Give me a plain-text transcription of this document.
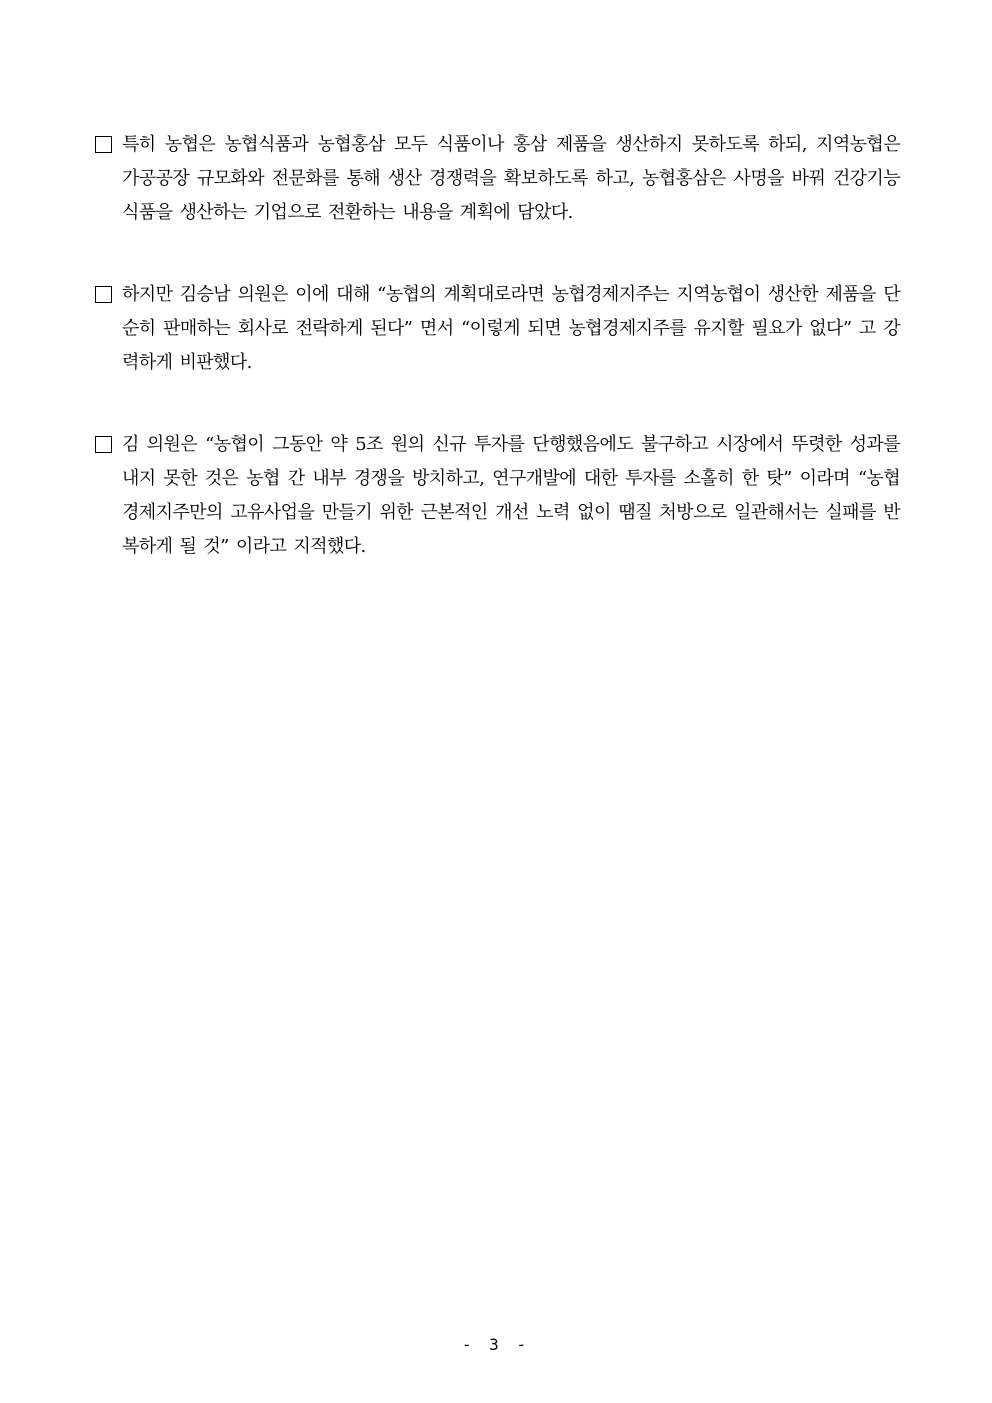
특히 농협은 농협식품과 농협홍삼 모두 식품이나 홍삼 제품을 생산하지 못하도록 하되, 지역농협은 가공공장 규모화와 전문화를 통해 생산 경쟁력을 확보하도록 하고, 농협홍삼은 사명을 바꿔 건강기능식품을 생산하는 기업으로 전환하는 내용을 계획에 담았다.
하지만 김승남 의원은 이에 대해 “농협의 계획대로라면 농협경제지주는 지역농협이 생산한 제품을 단순히 판매하는 회사로 전락하게 된다” 면서 “이렇게 되면 농협경제지주를 유지할 필요가 없다” 고 강력하게 비판했다.
김 의원은 “농협이 그동안 약 5조 원의 신규 투자를 단행했음에도 불구하고 시장에서 뚜렷한 성과를 내지 못한 것은 농협 간 내부 경쟁을 방치하고, 연구개발에 대한 투자를 소홀히 한 탓” 이라며 “농협경제지주만의 고유사업을 만들기 위한 근본적인 개선 노력 없이 땜질 처방으로 일관해서는 실패를 반복하게 될 것” 이라고 지적했다.
- 3 -
